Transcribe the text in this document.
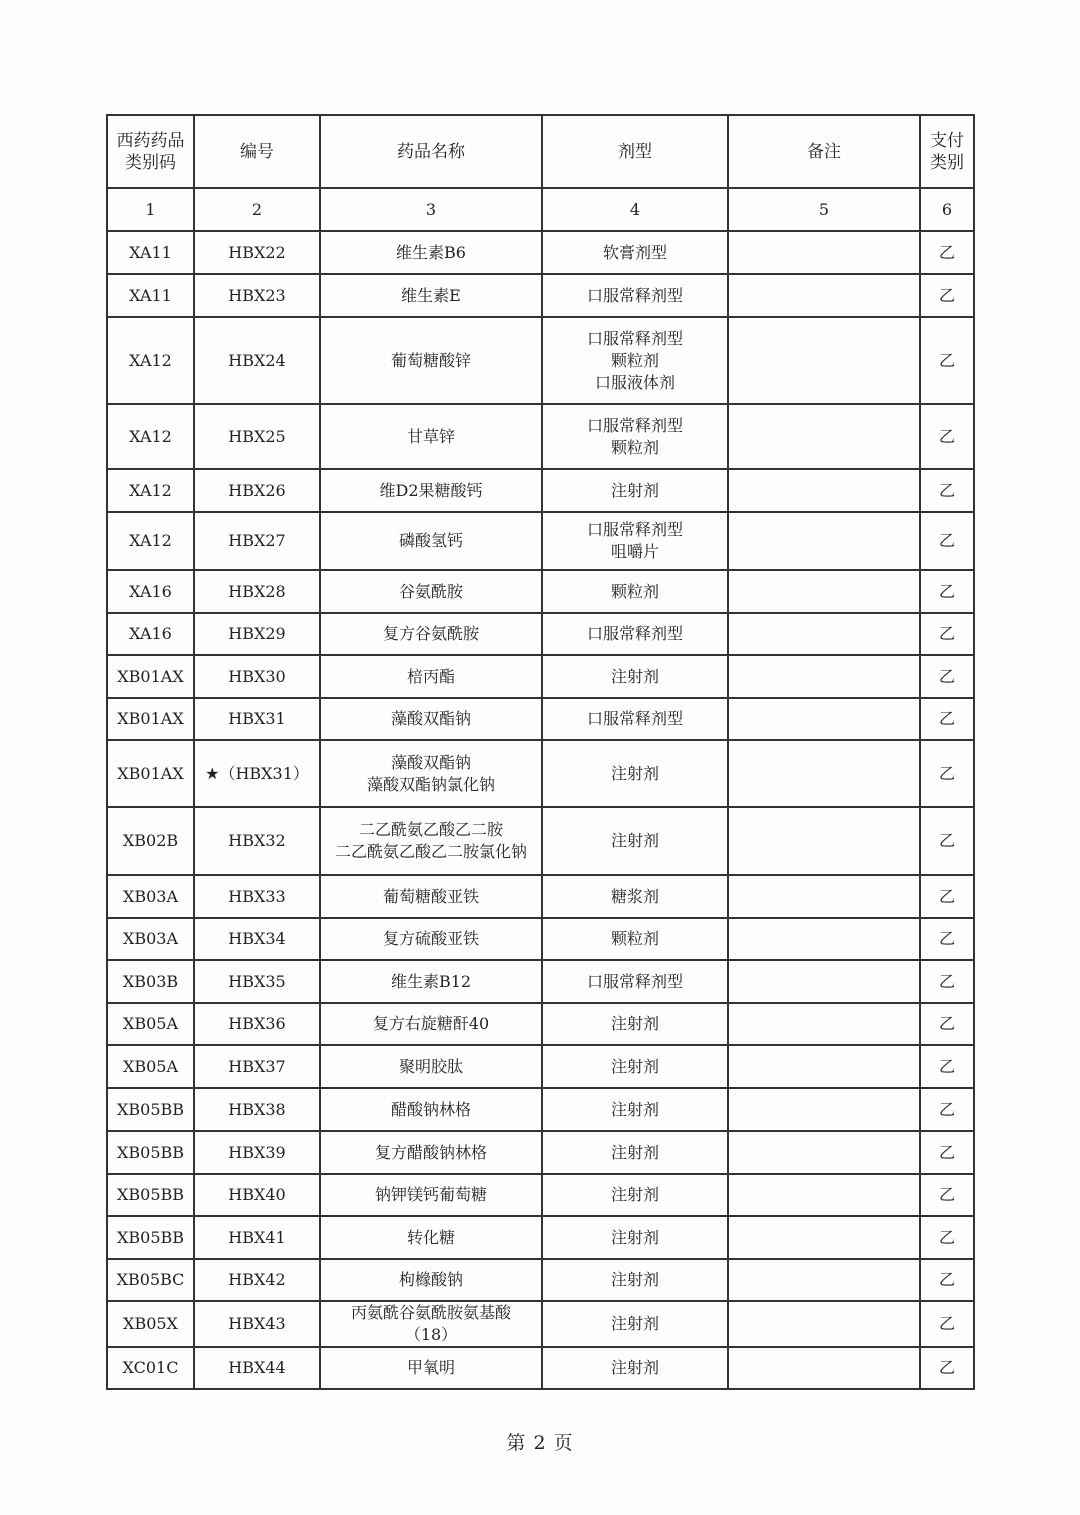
西药药品
类别码	编号	药品名称	剂型	备注	支付
类别

1	2	3	4	5	6
XA11	HBX22	维生素B6	软膏剂型		乙
XA11	HBX23	维生素E	口服常释剂型		乙
XA12	HBX24	葡萄糖酸锌	口服常释剂型
颗粒剂
口服液体剂		乙
XA12	HBX25	甘草锌	口服常释剂型
颗粒剂		乙
XA12	HBX26	维D2果糖酸钙	注射剂		乙
XA12	HBX27	磷酸氢钙	口服常释剂型
咀嚼片		乙
XA16	HBX28	谷氨酰胺	颗粒剂		乙
XA16	HBX29	复方谷氨酰胺	口服常释剂型		乙
XB01AX	HBX30	棓丙酯	注射剂		乙
XB01AX	HBX31	藻酸双酯钠	口服常释剂型		乙
XB01AX	★（HBX31）	藻酸双酯钠
藻酸双酯钠氯化钠	注射剂		乙
XB02B	HBX32	二乙酰氨乙酸乙二胺
二乙酰氨乙酸乙二胺氯化钠	注射剂		乙
XB03A	HBX33	葡萄糖酸亚铁	糖浆剂		乙
XB03A	HBX34	复方硫酸亚铁	颗粒剂		乙
XB03B	HBX35	维生素B12	口服常释剂型		乙
XB05A	HBX36	复方右旋糖酐40	注射剂		乙
XB05A	HBX37	聚明胶肽	注射剂		乙
XB05BB	HBX38	醋酸钠林格	注射剂		乙
XB05BB	HBX39	复方醋酸钠林格	注射剂		乙
XB05BB	HBX40	钠钾镁钙葡萄糖	注射剂		乙
XB05BB	HBX41	转化糖	注射剂		乙
XB05BC	HBX42	枸橼酸钠	注射剂		乙
XB05X	HBX43	丙氨酰谷氨酰胺氨基酸
（18）	注射剂		乙
XC01C	HBX44	甲氧明	注射剂		乙
第 2 页
